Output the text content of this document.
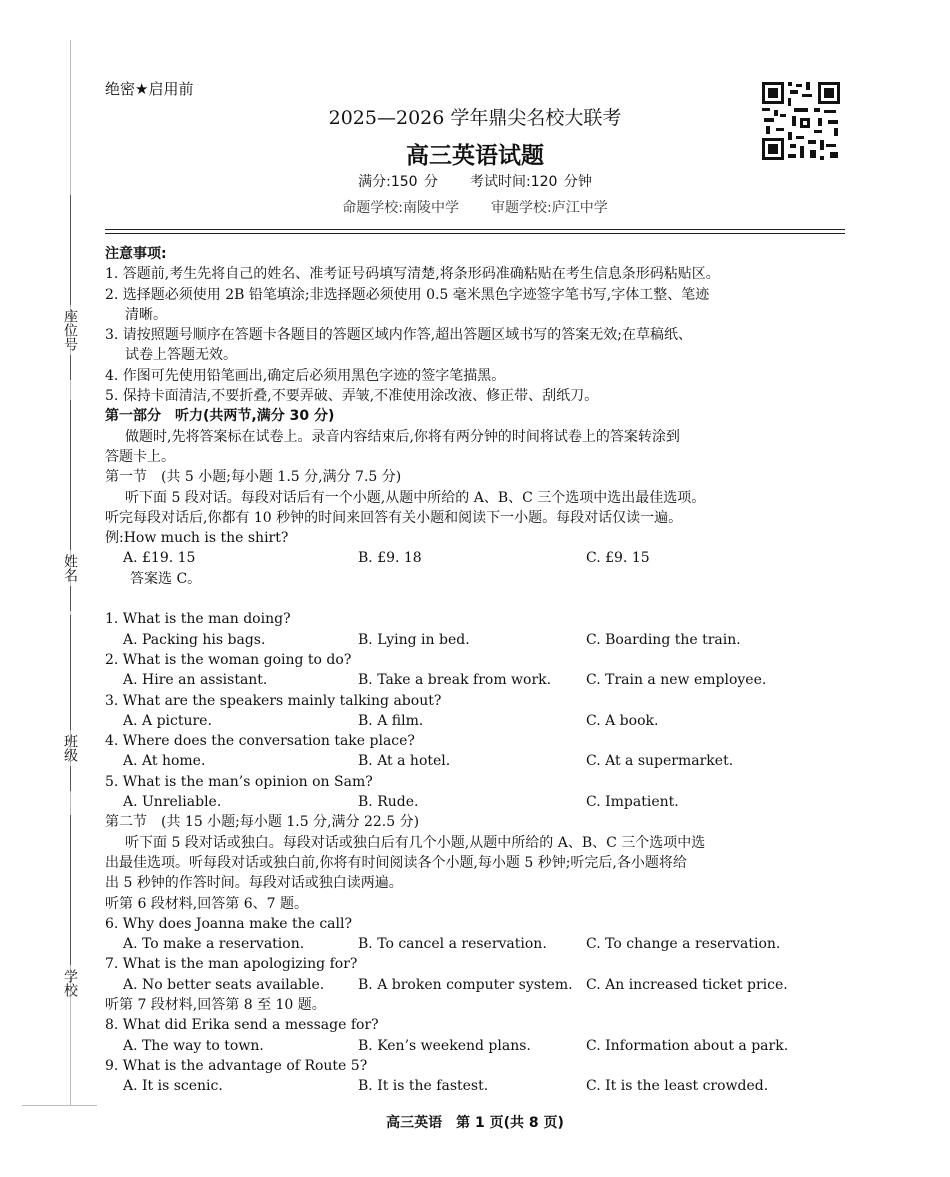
座位号
姓名
班级
学校
绝密★启用前
2025—2026 学年鼎尖名校大联考
高三英语试题
满分:150 分 考试时间:120 分钟
命题学校:南陵中学 审题学校:庐江中学
注意事项:
1. 答题前,考生先将自己的姓名、准考证号码填写清楚,将条形码准确粘贴在考生信息条形码粘贴区。
2. 选择题必须使用 2B 铅笔填涂;非选择题必须使用 0.5 毫米黑色字迹签字笔书写,字体工整、笔迹
清晰。
3. 请按照题号顺序在答题卡各题目的答题区域内作答,超出答题区域书写的答案无效;在草稿纸、
试卷上答题无效。
4. 作图可先使用铅笔画出,确定后必须用黑色字迹的签字笔描黑。
5. 保持卡面清洁,不要折叠,不要弄破、弄皱,不准使用涂改液、修正带、刮纸刀。
第一部分　听力(共两节,满分 30 分)
做题时,先将答案标在试卷上。录音内容结束后,你将有两分钟的时间将试卷上的答案转涂到
答题卡上。
第一节　(共 5 小题;每小题 1.5 分,满分 7.5 分)
听下面 5 段对话。每段对话后有一个小题,从题中所给的 A、B、C 三个选项中选出最佳选项。
听完每段对话后,你都有 10 秒钟的时间来回答有关小题和阅读下一小题。每段对话仅读一遍。
例:How much is the shirt?
A. £19. 15	B. £9. 18	C. £9. 15
答案选 C。
1. What is the man doing?
A. Packing his bags.	B. Lying in bed.	C. Boarding the train.
2. What is the woman going to do?
A. Hire an assistant.	B. Take a break from work. C. Train a new employee.
3. What are the speakers mainly talking about?
A. A picture.	B. A film.	C. A book.
4. Where does the conversation take place?
A. At home.	B. At a hotel.	C. At a supermarket.
5. What is the man’s opinion on Sam?
A. Unreliable.	B. Rude.	C. Impatient.
第二节　(共 15 小题;每小题 1.5 分,满分 22.5 分)
听下面 5 段对话或独白。每段对话或独白后有几个小题,从题中所给的 A、B、C 三个选项中选
出最佳选项。听每段对话或独白前,你将有时间阅读各个小题,每小题 5 秒钟;听完后,各小题将给
出 5 秒钟的作答时间。每段对话或独白读两遍。
听第 6 段材料,回答第 6、7 题。
6. Why does Joanna make the call?
A. To make a reservation.	B. To cancel a reservation.	C. To change a reservation.
7. What is the man apologizing for?
A. No better seats available. B. A broken computer system. C. An increased ticket price.
听第 7 段材料,回答第 8 至 10 题。
8. What did Erika send a message for?
A. The way to town.	B. Ken’s weekend plans.	C. Information about a park.
9. What is the advantage of Route 5?
A. It is scenic.	B. It is the fastest.	C. It is the least crowded.
高三英语　第 1 页(共 8 页)
